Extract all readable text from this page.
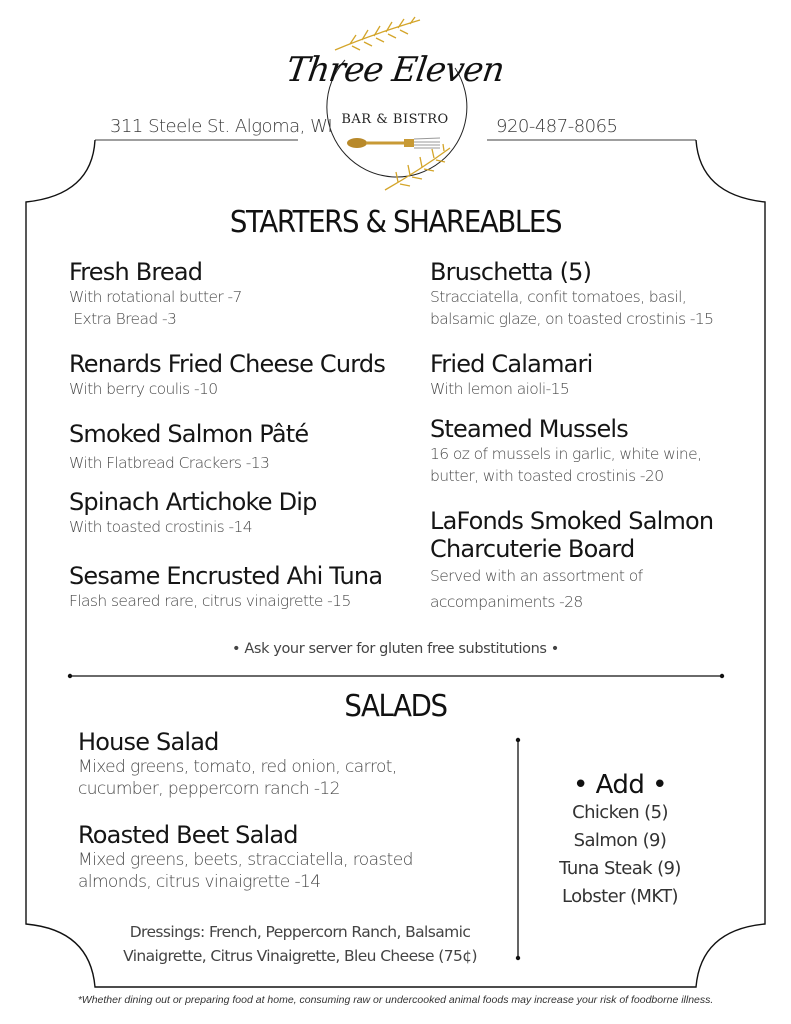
311 Steele St. Algoma, WI	920-487-8065
Three Eleven
BAR & BISTRO
STARTERS & SHAREABLES
Fresh Bread
With rotational butter -7
Extra Bread -3
Renards Fried Cheese Curds
With berry coulis -10
Smoked Salmon Pâté
With Flatbread Crackers -13
Spinach Artichoke Dip
With toasted crostinis -14
Sesame Encrusted Ahi Tuna
Flash seared rare, citrus vinaigrette -15
Bruschetta (5)
Stracciatella, confit tomatoes, basil,
balsamic glaze, on toasted crostinis -15
Fried Calamari
With lemon aioli-15
Steamed Mussels
16 oz of mussels in garlic, white wine,
butter, with toasted crostinis -20
LaFonds Smoked Salmon
Charcuterie Board
Served with an assortment of
accompaniments -28
• Ask your server for gluten free substitutions •
SALADS
House Salad
Mixed greens, tomato, red onion, carrot,
cucumber, peppercorn ranch -12
Roasted Beet Salad
Mixed greens, beets, stracciatella, roasted
almonds, citrus vinaigrette -14
Dressings: French, Peppercorn Ranch, Balsamic
Vinaigrette, Citrus Vinaigrette, Bleu Cheese (75¢)
• Add •
Chicken (5)
Salmon (9)
Tuna Steak (9)
Lobster (MKT)
*Whether dining out or preparing food at home, consuming raw or undercooked animal foods may increase your risk of foodborne illness.
